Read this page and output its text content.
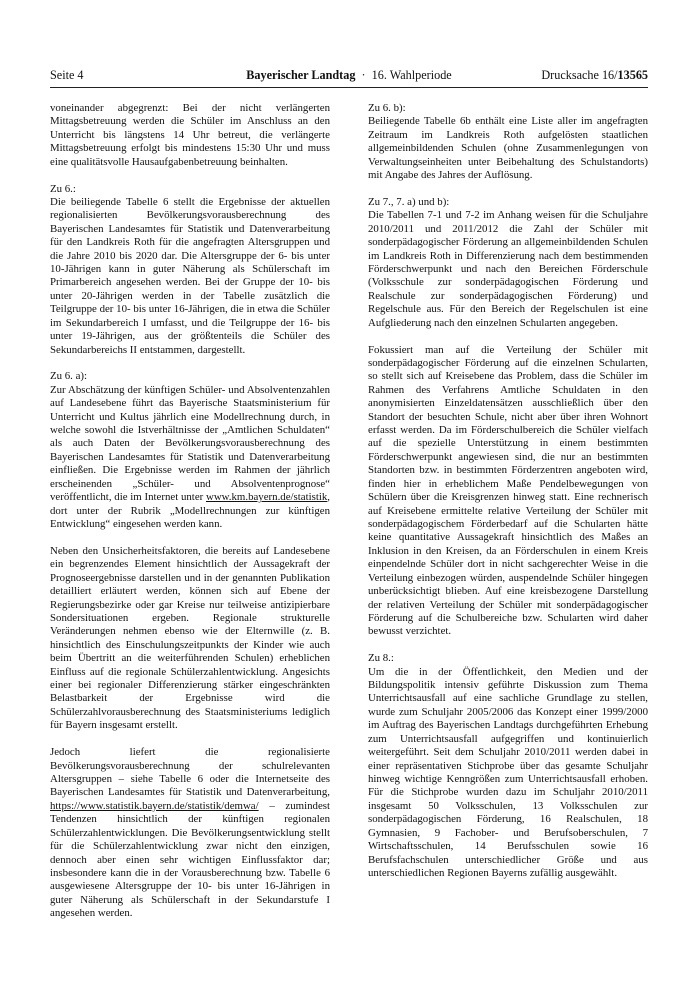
Seite 4	Bayerischer Landtag · 16. Wahlperiode	Drucksache 16/13565

voneinander abgegrenzt: Bei der nicht verlängerten Mittagsbetreuung werden die Schüler im Anschluss an den Unterricht bis längstens 14 Uhr betreut, die verlängerte Mittagsbetreuung erfolgt bis mindestens 15:30 Uhr und muss eine qualitätsvolle Hausaufgabenbetreuung beinhalten.

Zu 6.:

Die beiliegende Tabelle 6 stellt die Ergebnisse der aktuellen regionalisierten Bevölkerungsvorausberechnung des Bayerischen Landesamtes für Statistik und Datenverarbeitung für den Landkreis Roth für die angefragten Altersgruppen und die Jahre 2010 bis 2020 dar. Die Altersgruppe der 6- bis unter 10-Jährigen kann in guter Näherung als Schülerschaft im Primarbereich angesehen werden. Bei der Gruppe der 10- bis unter 20-Jährigen werden in der Tabelle zusätzlich die Teilgruppe der 10- bis unter 16-Jährigen, die in etwa die Schüler im Sekundarbereich I umfasst, und die Teilgruppe der 16- bis unter 19-Jährigen, aus der größtenteils die Schüler des Sekundarbereichs II entstammen, dargestellt.

Zu 6. a):

Zur Abschätzung der künftigen Schüler- und Absolventenzahlen auf Landesebene führt das Bayerische Staatsministerium für Unterricht und Kultus jährlich eine Modellrechnung durch, in welche sowohl die Istverhältnisse der „Amtlichen Schuldaten“ als auch Daten der Bevölkerungsvorausberechnung des Bayerischen Landesamtes für Statistik und Datenverarbeitung einfließen. Die Ergebnisse werden im Rahmen der jährlich erscheinenden „Schüler- und Absolventenprognose“ veröffentlicht, die im Internet unter www.km.bayern.de/statistik, dort unter der Rubrik „Modellrechnungen zur künftigen Entwicklung“ eingesehen werden kann.

Neben den Unsicherheitsfaktoren, die bereits auf Landesebene ein begrenzendes Element hinsichtlich der Aussagekraft der Prognoseergebnisse darstellen und in der genannten Publikation detailliert erläutert werden, können sich auf Ebene der Regierungsbezirke oder gar Kreise nur teilweise antizipierbare Sondersituationen ergeben. Regionale strukturelle Veränderungen nehmen ebenso wie der Elternwille (z. B. hinsichtlich des Einschulungszeitpunkts der Kinder wie auch beim Übertritt an die weiterführenden Schulen) erheblichen Einfluss auf die regionale Schülerzahlentwicklung. Angesichts einer bei regionaler Differenzierung stärker eingeschränkten Belastbarkeit der Ergebnisse wird die Schülerzahlvorausberechnung des Staatsministeriums lediglich für Bayern insgesamt erstellt.

Jedoch liefert die regionalisierte Bevölkerungsvorausberechnung der schulrelevanten Altersgruppen – siehe Tabelle 6 oder die Internetseite des Bayerischen Landesamtes für Statistik und Datenverarbeitung, https://www.statistik.bayern.de/statistik/demwa/ – zumindest Tendenzen hinsichtlich der künftigen regionalen Schülerzahlentwicklungen. Die Bevölkerungsentwicklung stellt für die Schülerzahlentwicklung zwar nicht den einzigen, dennoch aber einen sehr wichtigen Einflussfaktor dar; insbesondere kann die in der Vorausberechnung bzw. Tabelle 6 ausgewiesene Altersgruppe der 10- bis unter 16-Jährigen in guter Näherung als Schülerschaft in der Sekundarstufe I angesehen werden.

Zu 6. b):

Beiliegende Tabelle 6b enthält eine Liste aller im angefragten Zeitraum im Landkreis Roth aufgelösten staatlichen allgemeinbildenden Schulen (ohne Zusammenlegungen von Verwaltungseinheiten unter Beibehaltung des Schulstandorts) mit Angabe des Jahres der Auflösung.

Zu 7., 7. a) und b):

Die Tabellen 7-1 und 7-2 im Anhang weisen für die Schuljahre 2010/2011 und 2011/2012 die Zahl der Schüler mit sonderpädagogischer Förderung an allgemeinbildenden Schulen im Landkreis Roth in Differenzierung nach dem bestimmenden Förderschwerpunkt und nach den Bereichen Förderschule (Volksschule zur sonderpädagogischen Förderung und Realschule zur sonderpädagogischen Förderung) und Regelschule aus. Für den Bereich der Regelschulen ist eine Aufgliederung nach den einzelnen Schularten angegeben.

Fokussiert man auf die Verteilung der Schüler mit sonderpädagogischer Förderung auf die einzelnen Schularten, so stellt sich auf Kreisebene das Problem, dass die Schüler im Rahmen des Verfahrens Amtliche Schuldaten in den anonymisierten Einzeldatensätzen ausschließlich über den Standort der besuchten Schule, nicht aber über ihren Wohnort erfasst werden. Da im Förderschulbereich die Schüler vielfach auf die spezielle Unterstützung in einem bestimmten Förderschwerpunkt angewiesen sind, die nur an bestimmten Standorten bzw. in bestimmten Förderzentren angeboten wird, finden hier in erheblichem Maße Pendelbewegungen von Schülern über die Kreisgrenzen hinweg statt. Eine rechnerisch auf Kreisebene ermittelte relative Verteilung der Schüler mit sonderpädagogischem Förderbedarf auf die Schularten hätte keine quantitative Aussagekraft hinsichtlich des Maßes an Inklusion in den Kreisen, da an Förderschulen in einem Kreis einpendelnde Schüler dort in nicht sachgerechter Weise in die Verteilung einbezogen würden, auspendelnde Schüler hingegen unberücksichtigt blieben. Auf eine kreisbezogene Darstellung der relativen Verteilung der Schüler mit sonderpädagogischer Förderung auf die Schulbereiche bzw. Schularten wird daher bewusst verzichtet.

Zu 8.:

Um die in der Öffentlichkeit, den Medien und der Bildungspolitik intensiv geführte Diskussion zum Thema Unterrichtsausfall auf eine sachliche Grundlage zu stellen, wurde zum Schuljahr 2005/2006 das Konzept einer 1999/2000 im Auftrag des Bayerischen Landtags durchgeführten Erhebung zum Unterrichtsausfall aufgegriffen und kontinuierlich weitergeführt. Seit dem Schuljahr 2010/2011 werden dabei in einer repräsentativen Stichprobe über das gesamte Schuljahr hinweg wichtige Kenngrößen zum Unterrichtsausfall erhoben. Für die Stichprobe wurden dazu im Schuljahr 2010/2011 insgesamt 50 Volksschulen, 13 Volksschulen zur sonderpädagogischen Förderung, 16 Realschulen, 18 Gymnasien, 9 Fachober- und Berufsoberschulen, 7 Wirtschaftsschulen, 14 Berufsschulen sowie 16 Berufsfachschulen unterschiedlicher Größe und aus unterschiedlichen Regionen Bayerns zufällig ausgewählt.
